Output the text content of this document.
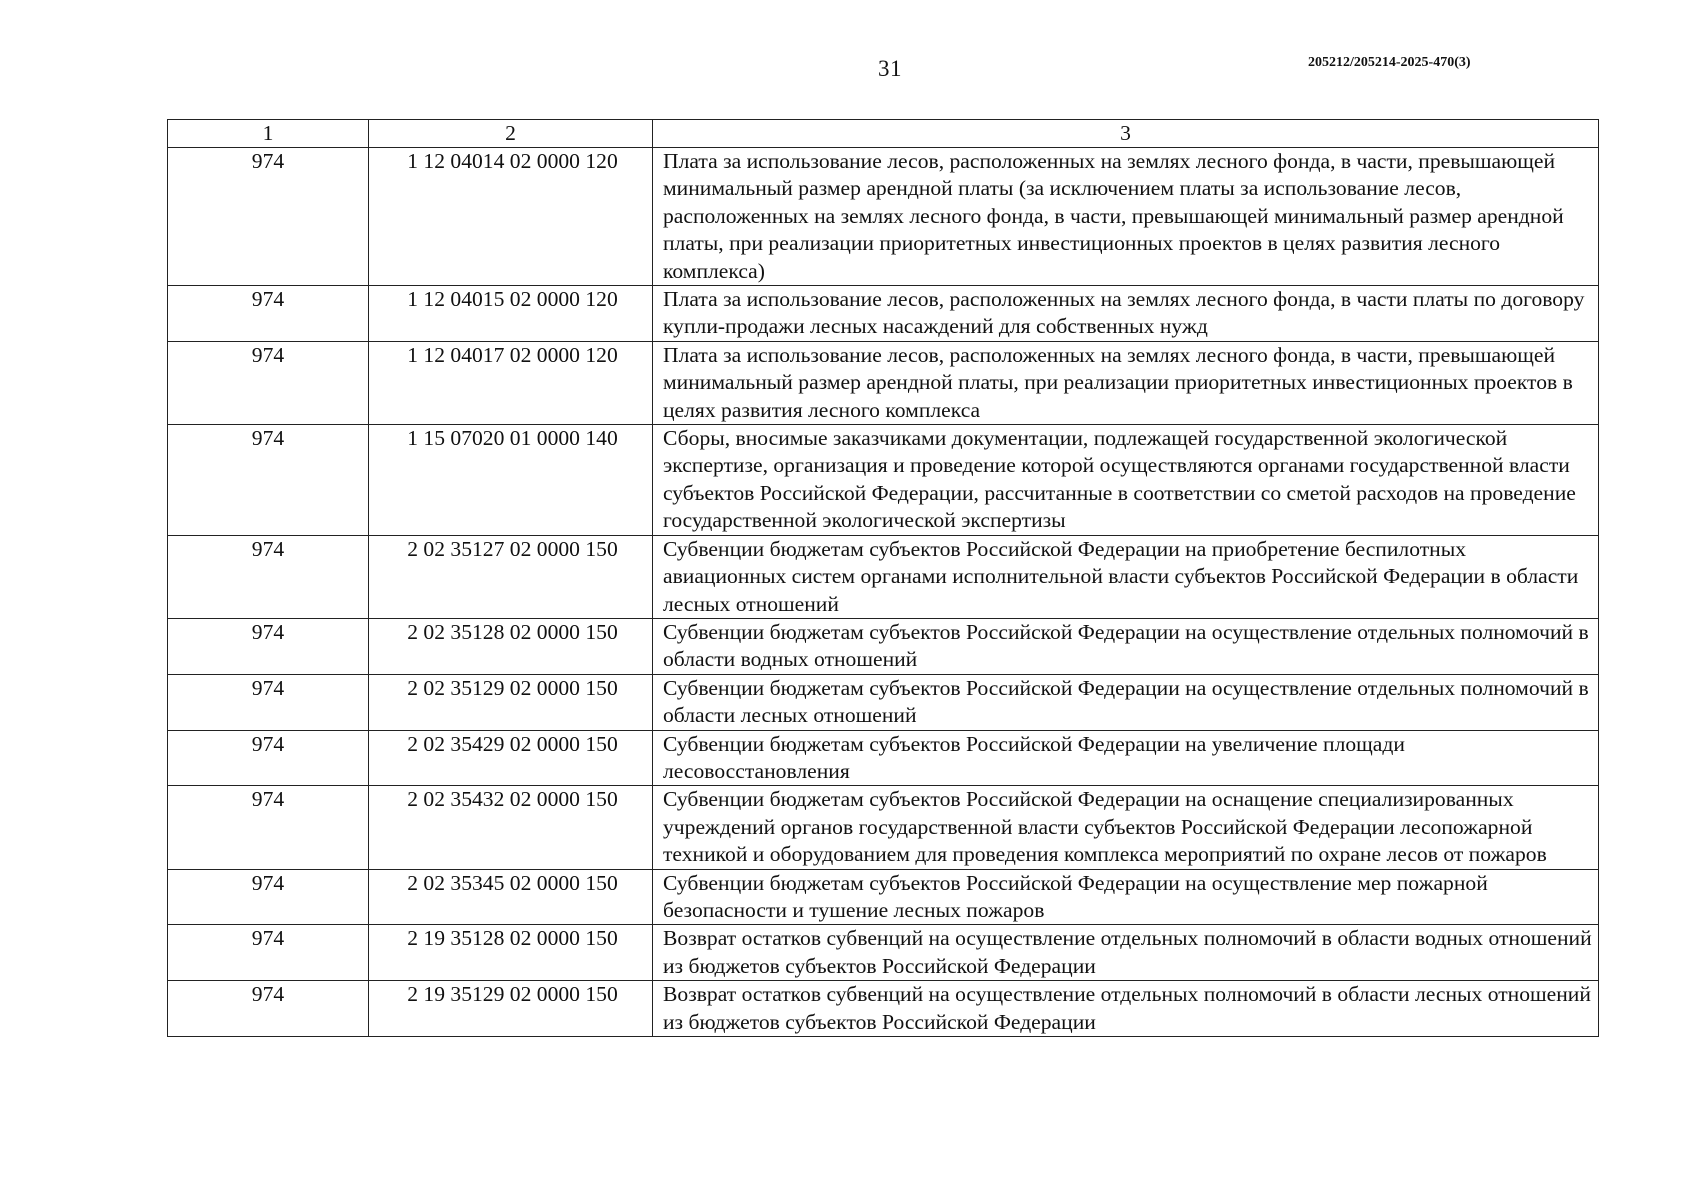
31	205212/205214-2025-470(3)
1	2	3
974	1 12 04014 02 0000 120	Плата за использование лесов, расположенных на землях лесного фонда, в части, превышающей минимальный размер арендной платы (за исключением платы за использование лесов, расположенных на землях лесного фонда, в части, превышающей минимальный размер арендной платы, при реализации приоритетных инвестиционных проектов в целях развития лесного комплекса)
974	1 12 04015 02 0000 120	Плата за использование лесов, расположенных на землях лесного фонда, в части платы по договору купли-продажи лесных насаждений для собственных нужд
974	1 12 04017 02 0000 120	Плата за использование лесов, расположенных на землях лесного фонда, в части, превышающей минимальный размер арендной платы, при реализации приоритетных инвестиционных проектов в целях развития лесного комплекса
974	1 15 07020 01 0000 140	Сборы, вносимые заказчиками документации, подлежащей государственной экологической экспертизе, организация и проведение которой осуществляются органами государственной власти субъектов Российской Федерации, рассчитанные в соответствии со сметой расходов на проведение государственной экологической экспертизы
974	2 02 35127 02 0000 150	Субвенции бюджетам субъектов Российской Федерации на приобретение беспилотных авиационных систем органами исполнительной власти субъектов Российской Федерации в области лесных отношений
974	2 02 35128 02 0000 150	Субвенции бюджетам субъектов Российской Федерации на осуществление отдельных полномочий в области водных отношений
974	2 02 35129 02 0000 150	Субвенции бюджетам субъектов Российской Федерации на осуществление отдельных полномочий в области лесных отношений
974	2 02 35429 02 0000 150	Субвенции бюджетам субъектов Российской Федерации на увеличение площади лесовосстановления
974	2 02 35432 02 0000 150	Субвенции бюджетам субъектов Российской Федерации на оснащение специализированных учреждений органов государственной власти субъектов Российской Федерации лесопожарной техникой и оборудованием для проведения комплекса мероприятий по охране лесов от пожаров
974	2 02 35345 02 0000 150	Субвенции бюджетам субъектов Российской Федерации на осуществление мер пожарной безопасности и тушение лесных пожаров
974	2 19 35128 02 0000 150	Возврат остатков субвенций на осуществление отдельных полномочий в области водных отношений из бюджетов субъектов Российской Федерации
974	2 19 35129 02 0000 150	Возврат остатков субвенций на осуществление отдельных полномочий в области лесных отношений из бюджетов субъектов Российской Федерации
